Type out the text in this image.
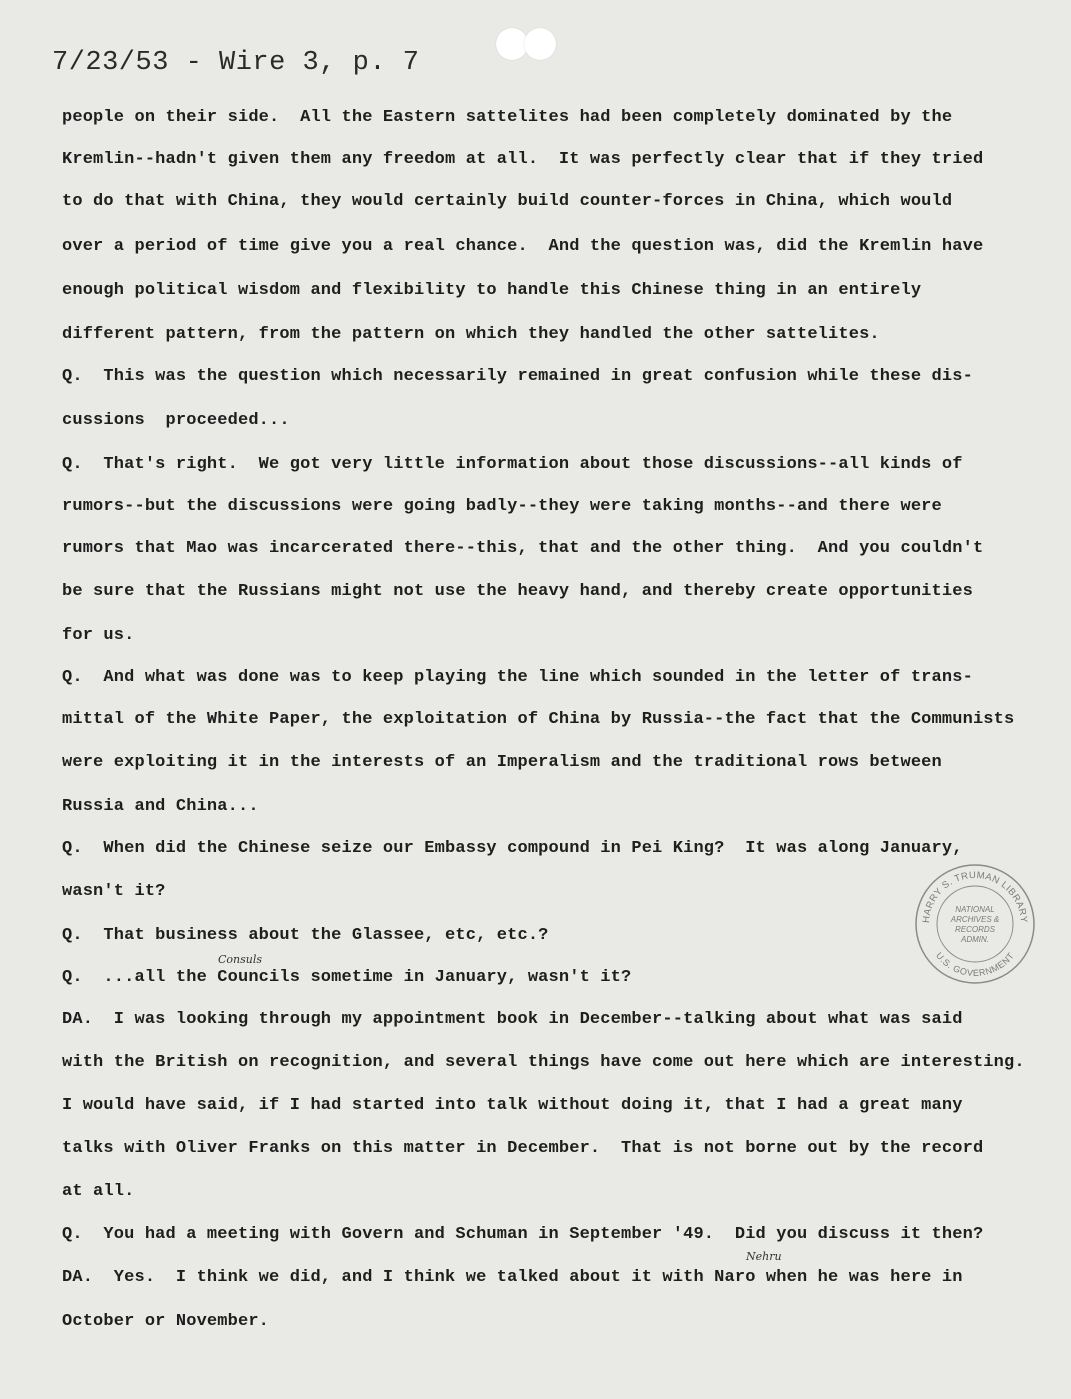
7/23/53 - Wire 3, p. 7
people on their side.  All the Eastern sattelites had been completely dominated by the
Kremlin--hadn't given them any freedom at all.  It was perfectly clear that if they tried
to do that with China, they would certainly build counter-forces in China, which would
over a period of time give you a real chance.  And the question was, did the Kremlin have
enough political wisdom and flexibility to handle this Chinese thing in an entirely
different pattern, from the pattern on which they handled the other sattelites.
Q.  This was the question which necessarily remained in great confusion while these dis-
cussions  proceeded...
Q.  That's right.  We got very little information about those discussions--all kinds of
rumors--but the discussions were going badly--they were taking months--and there were
rumors that Mao was incarcerated there--this, that and the other thing.  And you couldn't
be sure that the Russians might not use the heavy hand, and thereby create opportunities
for us.
Q.  And what was done was to keep playing the line which sounded in the letter of trans-
mittal of the White Paper, the exploitation of China by Russia--the fact that the Communists
were exploiting it in the interests of an Imperalism and the traditional rows between
Russia and China...
Q.  When did the Chinese seize our Embassy compound in Pei King?  It was along January,
wasn't it?
Q.  That business about the Glassee, etc, etc.?
Q.  ...all the Councils sometime in January, wasn't it?
DA.  I was looking through my appointment book in December--talking about what was said
with the British on recognition, and several things have come out here which are interesting.
I would have said, if I had started into talk without doing it, that I had a great many
talks with Oliver Franks on this matter in December.  That is not borne out by the record
at all.
Q.  You had a meeting with Govern and Schuman in September '49.  Did you discuss it then?
DA.  Yes.  I think we did, and I think we talked about it with Naro when he was here in
October or November.
Consuls
Nehru
HARRY S. TRUMAN LIBRARY
U.S. GOVERNMENT
NATIONAL
ARCHIVES &
RECORDS
ADMIN.
